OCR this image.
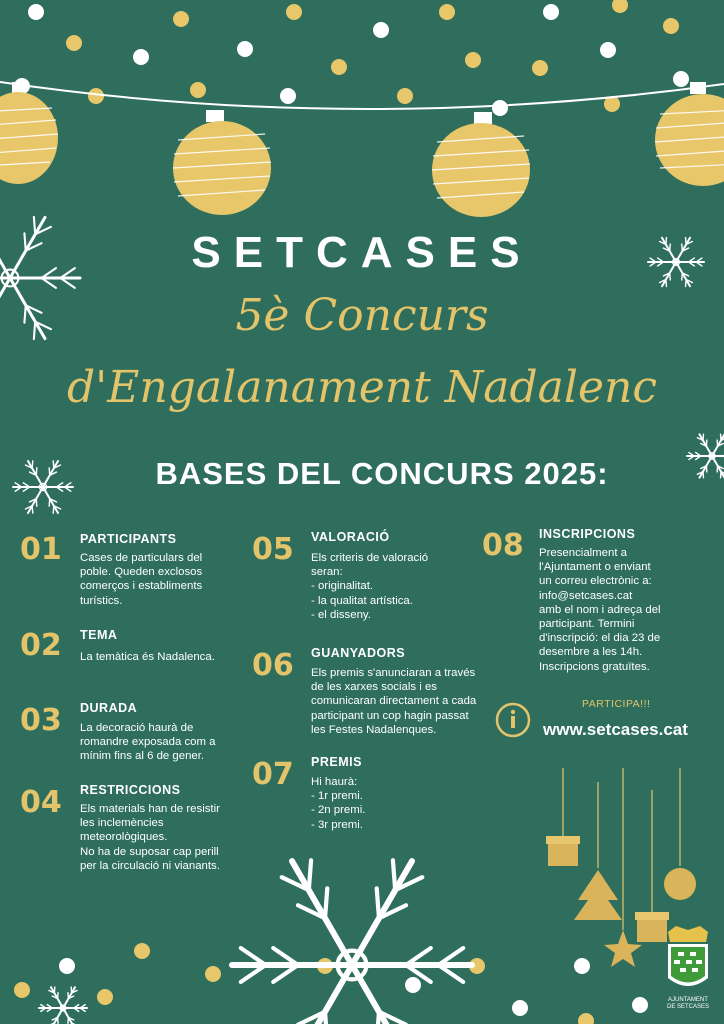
SETCASES
5è Concurs
d'Engalanament Nadalenc
BASES DEL CONCURS 2025:
01 PARTICIPANTS
Cases de particulars del
poble. Queden exclosos
comerços i establiments
turístics.
02 TEMA
La temàtica és Nadalenca.
03 DURADA
La decoració haurà de
romandre exposada com a
mínim fins al 6 de gener.
04 RESTRICCIONS
Els materials han de resistir
les inclemències
meteorològiques.
No ha de suposar cap perill
per la circulació ni vianants.
05 VALORACIÓ
Els criteris de valoració
seran:
- originalitat.
- la qualitat artística.
- el disseny.
06 GUANYADORS
Els premis s'anunciaran a través
de les xarxes socials i es
comunicaran directament a cada
participant un cop hagin passat
les Festes Nadalenques.
07 PREMIS
Hi haurà:
- 1r premi.
- 2n premi.
- 3r premi.
08 INSCRIPCIONS
Presencialment a
l'Ajuntament o enviant
un correu electrònic a:
info@setcases.cat
amb el nom i adreça del
participant. Termini
d'inscripció: el dia 23 de
desembre a les 14h.
Inscripcions gratuïtes.
PARTICIPA!!!
www.setcases.cat
AJUNTAMENT
DE SETCASES
